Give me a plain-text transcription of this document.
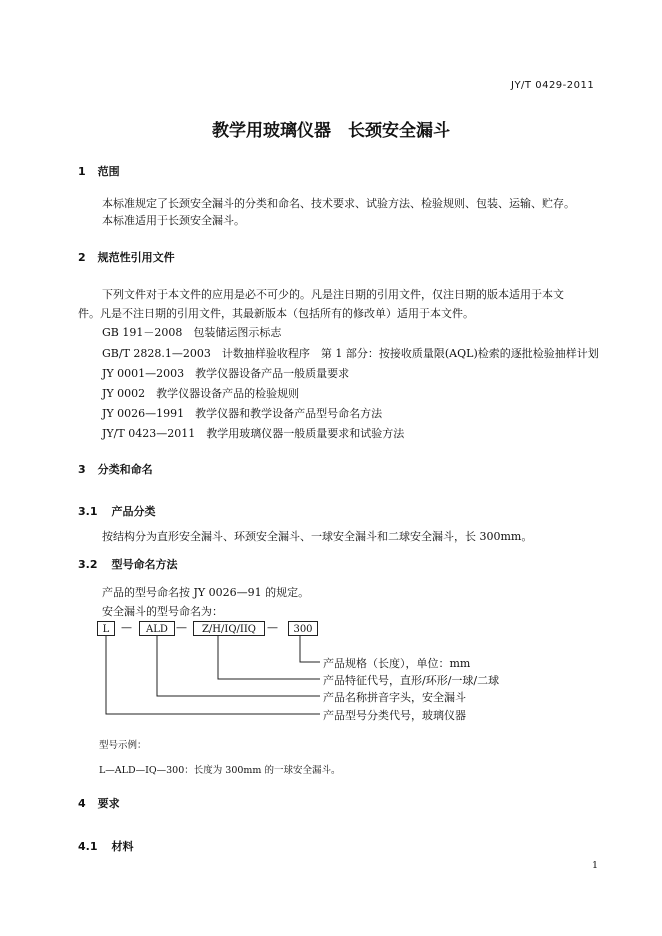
JY/T 0429-2011
教学用玻璃仪器　长颈安全漏斗
1 范围
本标准规定了长颈安全漏斗的分类和命名、技术要求、试验方法、检验规则、包装、运输、贮存。
本标准适用于长颈安全漏斗。
2 规范性引用文件
下列文件对于本文件的应用是必不可少的。凡是注日期的引用文件，仅注日期的版本适用于本文
件。凡是不注日期的引用文件，其最新版本（包括所有的修改单）适用于本文件。
GB 191－2008　包装储运图示标志
GB/T 2828.1—2003　计数抽样验收程序　第 1 部分：按接收质量限(AQL)检索的逐批检验抽样计划
JY 0001—2003　教学仪器设备产品一般质量要求
JY 0002　教学仪器设备产品的检验规则
JY 0026—1991　教学仪器和教学设备产品型号命名方法
JY/T 0423—2011　教学用玻璃仪器一般质量要求和试验方法
3 分类和命名
3.1 产品分类
按结构分为直形安全漏斗、环颈安全漏斗、一球安全漏斗和二球安全漏斗，长 300mm。
3.2 型号命名方法
产品的型号命名按 JY 0026—91 的规定。
安全漏斗的型号命名为：
L	—	ALD —	Z/H/IQ/IIQ —	300
产品规格（长度），单位：mm
产品特征代号，直形/环形/一球/二球
产品名称拼音字头，安全漏斗
产品型号分类代号，玻璃仪器
型号示例：
L—ALD—IQ—300：长度为 300mm 的一球安全漏斗。
4 要求
4.1 材料
1
